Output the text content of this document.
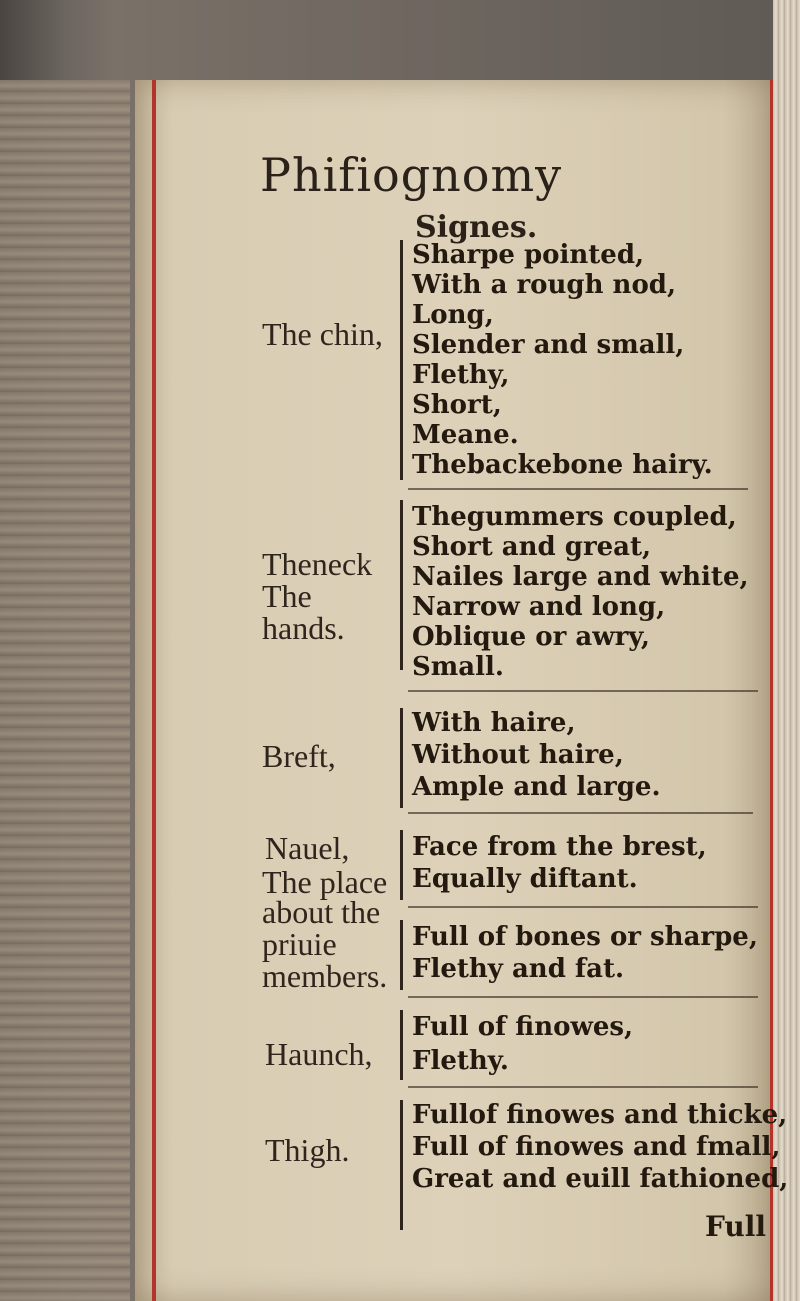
Phifiognomy
Signes.
The chin,
Sharpe pointed,
With a rough nod,
Long,
Slender and small,
Flethy,
Short,
Meane.
Thebackebone hairy.
Theneck
The
hands.
Thegummers coupled,
Short and great,
Nailes large and white,
Narrow and long,
Oblique or awry,
Small.
Breft,
With haire,
Without haire,
Ample and large.
Nauel,
The place
about the
priuie
members.
Face from the brest,
Equally diftant.
Full of bones or sharpe,
Flethy and fat.
Haunch,
Full of finowes,
Flethy.
Thigh.
Fullof finowes and thicke,
Full of finowes and fmall,
Great and euill fathioned,
Full
